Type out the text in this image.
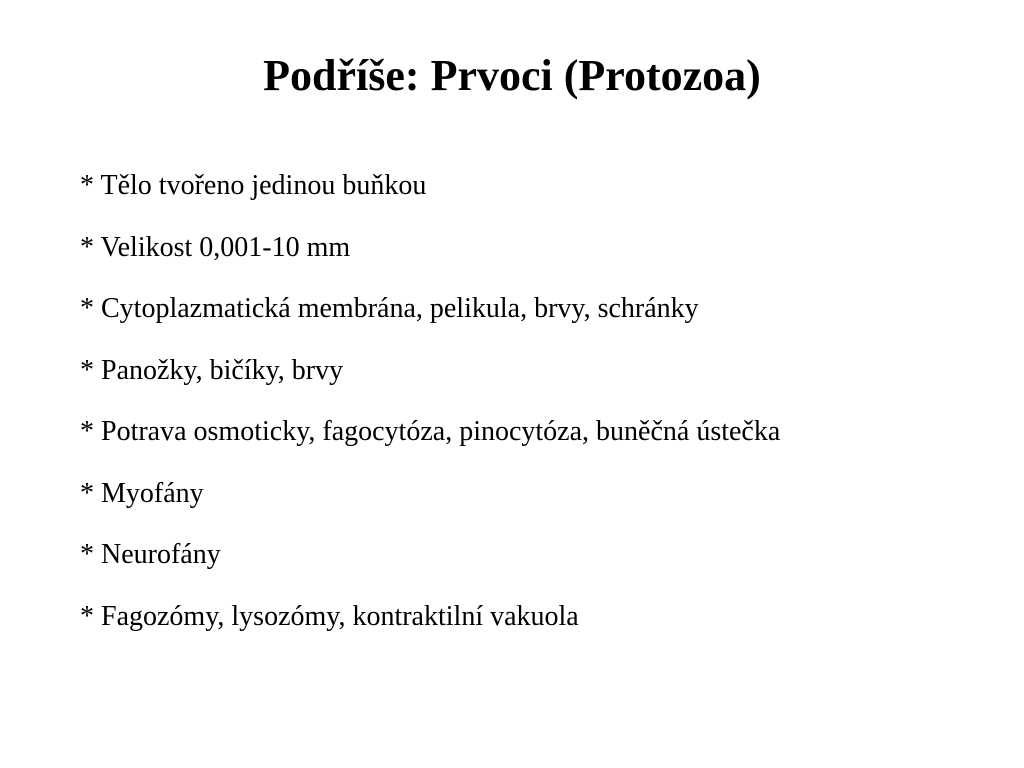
Podříše: Prvoci (Protozoa)
* Tělo tvořeno jedinou buňkou
* Velikost 0,001-10 mm
* Cytoplazmatická membrána, pelikula, brvy, schránky
* Panožky, bičíky, brvy
* Potrava osmoticky, fagocytóza, pinocytóza, buněčná ústečka
* Myofány
* Neurofány
* Fagozómy, lysozómy, kontraktilní vakuola
